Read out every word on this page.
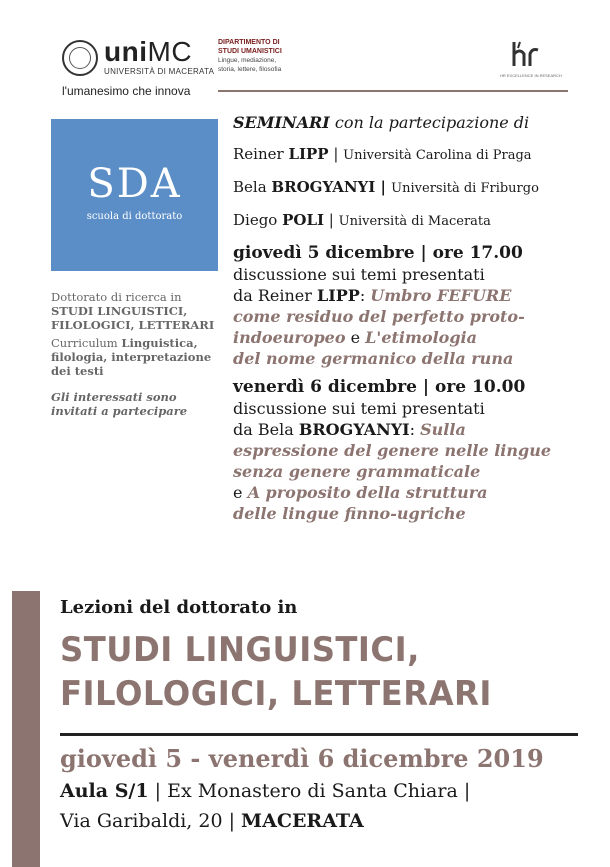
uniMC
UNIVERSITÀ DI MACERATA
l'umanesimo che innova
DIPARTIMENTO DI
STUDI UMANISTICI
Lingue, mediazione,
storia, lettere, filosofia
HR EXCELLENCE IN RESEARCH
SDA
scuola di dottorato

Dottorato di ricerca in
STUDI LINGUISTICI,
FILOLOGICI, LETTERARI

Curriculum Linguistica, filologia, interpretazione dei testi

Gli interessati sono invitati a partecipare

SEMINARI con la partecipazione di

Reiner LIPP | Università Carolina di Praga

Bela BROGYANYI | Università di Friburgo

Diego POLI | Università di Macerata

giovedì 5 dicembre | ore 17.00

discussione sui temi presentati
da Reiner LIPP: Umbro FEFURE
come residuo del perfetto proto-
indoeuropeo e L'etimologia
del nome germanico della runa

venerdì 6 dicembre | ore 10.00

discussione sui temi presentati
da Bela BROGYANYI: Sulla
espressione del genere nelle lingue
senza genere grammaticale
e A proposito della struttura
delle lingue finno-ugriche
Lezioni del dottorato in
STUDI LINGUISTICI,
FILOLOGICI, LETTERARI
giovedì 5 - venerdì 6 dicembre 2019
Aula S/1 | Ex Monastero di Santa Chiara |
Via Garibaldi, 20 | MACERATA
